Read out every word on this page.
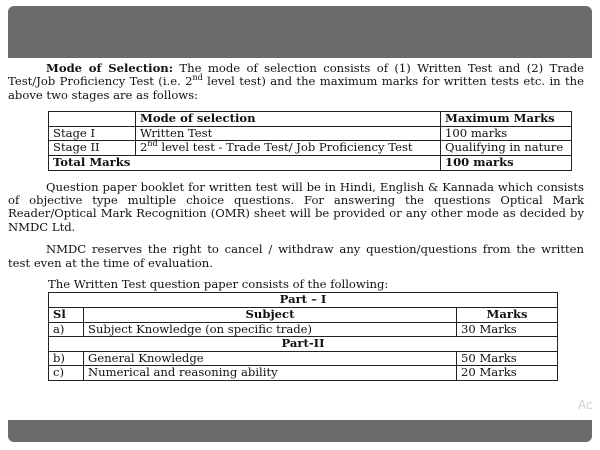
Mode of Selection: The mode of selection consists of (1) Written Test and (2) Trade Test/Job Proficiency Test (i.e. 2nd level test) and the maximum marks for written tests etc. in the above two stages are as follows:

	Mode of selection	Maximum Marks
Stage I	Written Test	100 marks
Stage II	2nd level test - Trade Test/ Job Proficiency Test	Qualifying in nature
Total Marks		100 marks

Question paper booklet for written test will be in Hindi, English & Kannada which consists of objective type multiple choice questions. For answering the questions Optical Mark Reader/Optical Mark Recognition (OMR) sheet will be provided or any other mode as decided by NMDC Ltd.

NMDC reserves the right to cancel / withdraw any question/questions from the written test even at the time of evaluation.

The Written Test question paper consists of the following:

Part – I		
Sl	Subject	Marks
a)	Subject Knowledge (on specific trade)	30 Marks
Part-II		
b)	General Knowledge	50 Marks
c)	Numerical and reasoning ability	20 Marks
Ac
